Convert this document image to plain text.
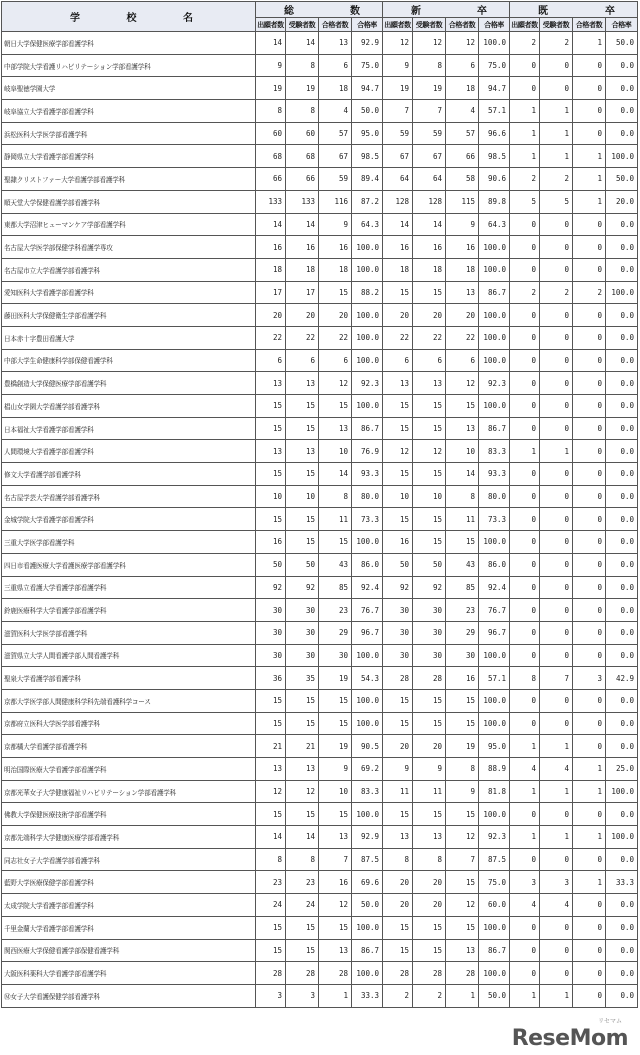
学 校 名	総 数				新 卒				既 卒			

	出願者数	受験者数	合格者数	合格率	出願者数	受験者数	合格者数	合格率	出願者数	受験者数	合格者数	合格率
朝日大学保健医療学部看護学科	14	14	13	92.9	12	12	12	100.0	2	2	1	50.0
中部学院大学看護リハビリテーション学部看護学科	9	8	6	75.0	9	8	6	75.0	0	0	0	0.0
岐阜聖徳学園大学	19	19	18	94.7	19	19	18	94.7	0	0	0	0.0
岐阜協立大学看護学部看護学科	8	8	4	50.0	7	7	4	57.1	1	1	0	0.0
浜松医科大学医学部看護学科	60	60	57	95.0	59	59	57	96.6	1	1	0	0.0
静岡県立大学看護学部看護学科	68	68	67	98.5	67	67	66	98.5	1	1	1	100.0
聖隷クリストファー大学看護学部看護学科	66	66	59	89.4	64	64	58	90.6	2	2	1	50.0
順天堂大学保健看護学部看護学科	133	133	116	87.2	128	128	115	89.8	5	5	1	20.0
東都大学沼津ヒューマンケア学部看護学科	14	14	9	64.3	14	14	9	64.3	0	0	0	0.0
名古屋大学医学部保健学科看護学専攻	16	16	16	100.0	16	16	16	100.0	0	0	0	0.0
名古屋市立大学看護学部看護学科	18	18	18	100.0	18	18	18	100.0	0	0	0	0.0
愛知医科大学看護学部看護学科	17	17	15	88.2	15	15	13	86.7	2	2	2	100.0
藤田医科大学保健衛生学部看護学科	20	20	20	100.0	20	20	20	100.0	0	0	0	0.0
日本赤十字豊田看護大学	22	22	22	100.0	22	22	22	100.0	0	0	0	0.0
中部大学生命健康科学部保健看護学科	6	6	6	100.0	6	6	6	100.0	0	0	0	0.0
豊橋創造大学保健医療学部看護学科	13	13	12	92.3	13	13	12	92.3	0	0	0	0.0
椙山女学園大学看護学部看護学科	15	15	15	100.0	15	15	15	100.0	0	0	0	0.0
日本福祉大学看護学部看護学科	15	15	13	86.7	15	15	13	86.7	0	0	0	0.0
人間環境大学看護学部看護学科	13	13	10	76.9	12	12	10	83.3	1	1	0	0.0
修文大学看護学部看護学科	15	15	14	93.3	15	15	14	93.3	0	0	0	0.0
名古屋学芸大学看護学部看護学科	10	10	8	80.0	10	10	8	80.0	0	0	0	0.0
金城学院大学看護学部看護学科	15	15	11	73.3	15	15	11	73.3	0	0	0	0.0
三重大学医学部看護学科	16	15	15	100.0	16	15	15	100.0	0	0	0	0.0
四日市看護医療大学看護医療学部看護学科	50	50	43	86.0	50	50	43	86.0	0	0	0	0.0
三重県立看護大学看護学部看護学科	92	92	85	92.4	92	92	85	92.4	0	0	0	0.0
鈴鹿医療科学大学看護学部看護学科	30	30	23	76.7	30	30	23	76.7	0	0	0	0.0
滋賀医科大学医学部看護学科	30	30	29	96.7	30	30	29	96.7	0	0	0	0.0
滋賀県立大学人間看護学部人間看護学科	30	30	30	100.0	30	30	30	100.0	0	0	0	0.0
聖泉大学看護学部看護学科	36	35	19	54.3	28	28	16	57.1	8	7	3	42.9
京都大学医学部人間健康科学科先端看護科学コース	15	15	15	100.0	15	15	15	100.0	0	0	0	0.0
京都府立医科大学医学部看護学科	15	15	15	100.0	15	15	15	100.0	0	0	0	0.0
京都橘大学看護学部看護学科	21	21	19	90.5	20	20	19	95.0	1	1	0	0.0
明治国際医療大学看護学部看護学科	13	13	9	69.2	9	9	8	88.9	4	4	1	25.0
京都光華女子大学健康福祉リハビリテーション学部看護学科	12	12	10	83.3	11	11	9	81.8	1	1	1	100.0
佛教大学保健医療技術学部看護学科	15	15	15	100.0	15	15	15	100.0	0	0	0	0.0
京都先端科学大学健康医療学部看護学科	14	14	13	92.9	13	13	12	92.3	1	1	1	100.0
同志社女子大学看護学部看護学科	8	8	7	87.5	8	8	7	87.5	0	0	0	0.0
藍野大学医療保健学部看護学科	23	23	16	69.6	20	20	15	75.0	3	3	1	33.3
太成学院大学看護学部看護学科	24	24	12	50.0	20	20	12	60.0	4	4	0	0.0
千里金蘭大学看護学部看護学科	15	15	15	100.0	15	15	15	100.0	0	0	0	0.0
関西医療大学保健看護学部保健看護学科	15	15	13	86.7	15	15	13	86.7	0	0	0	0.0
大阪医科薬科大学看護学部看護学科	28	28	28	100.0	28	28	28	100.0	0	0	0	0.0
Ⓜ女子大学看護保健学部看護学科	3	3	1	33.3	2	2	1	50.0	1	1	0	0.0
リセマム
ReseMom
